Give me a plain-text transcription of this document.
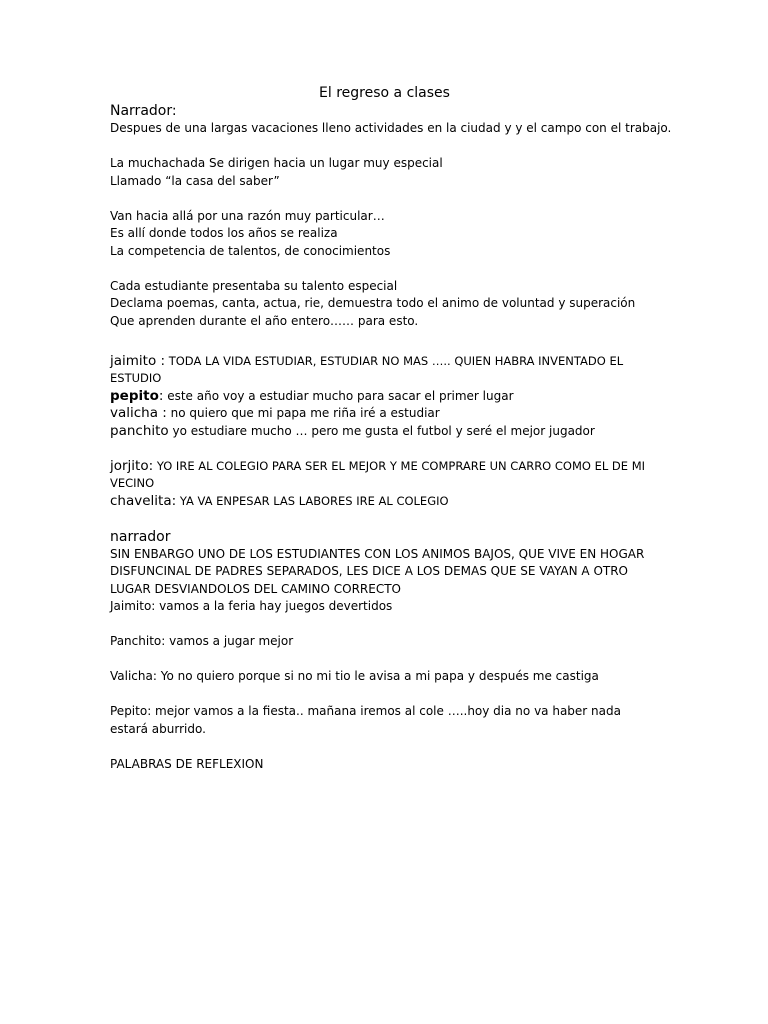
El regreso a clases

Narrador:

Despues de una largas vacaciones lleno actividades en la ciudad y y el campo con el trabajo.

La muchachada Se dirigen hacia un lugar muy especial

Llamado “la casa del saber”

Van hacia allá por una razón muy particular…

Es allí donde todos los años se realiza

La competencia de talentos, de conocimientos

Cada estudiante presentaba su talento especial

Declama poemas, canta, actua, rie, demuestra todo el animo de voluntad y superación

Que aprenden durante el año entero…… para esto.

jaimito : TODA LA VIDA ESTUDIAR, ESTUDIAR NO MAS ….. QUIEN HABRA INVENTADO EL ESTUDIO

pepito: este año voy a estudiar mucho para sacar el primer lugar

valicha : no quiero que mi papa me riña iré a estudiar

panchito yo estudiare mucho … pero me gusta el futbol y seré el mejor jugador

jorjito: YO IRE AL COLEGIO PARA SER EL MEJOR Y ME COMPRARE UN CARRO COMO EL DE MI VECINO

chavelita: YA VA ENPESAR LAS LABORES IRE AL COLEGIO

narrador

SIN ENBARGO UNO DE LOS ESTUDIANTES CON LOS ANIMOS BAJOS, QUE VIVE EN HOGAR DISFUNCINAL DE PADRES SEPARADOS, LES DICE A LOS DEMAS QUE SE VAYAN A OTRO LUGAR DESVIANDOLOS DEL CAMINO CORRECTO

Jaimito: vamos a la feria hay juegos devertidos

Panchito: vamos a jugar mejor

Valicha: Yo no quiero porque si no mi tio le avisa a mi papa y después me castiga

Pepito: mejor vamos a la fiesta.. mañana iremos al cole …..hoy dia no va haber nada estará aburrido.

PALABRAS DE REFLEXION
